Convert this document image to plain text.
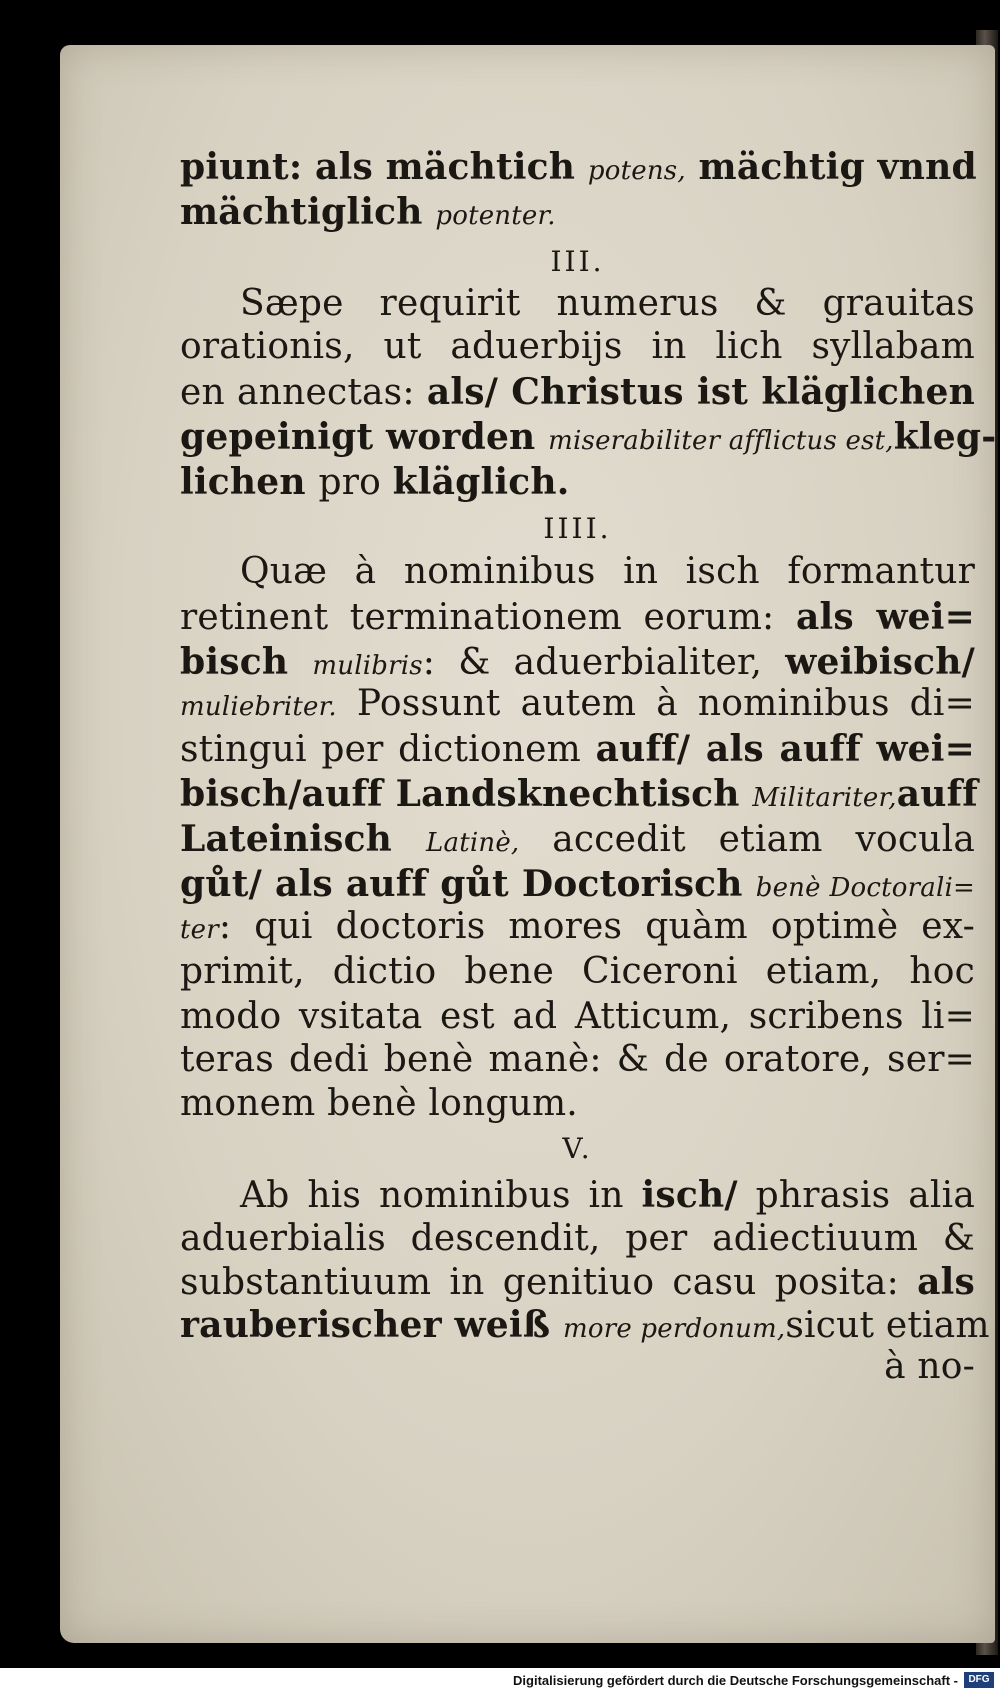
piunt: als mächtich potens, mächtig vnnd
mächtiglich potenter.
III.
Sæpe requirit numerus & grauitas
orationis, ut aduerbijs in lich syllabam
en annectas: als/ Christus ist kläglichen
gepeinigt worden miserabiliter afflictus est,kleg-
lichen pro kläglich.
IIII.
Quæ à nominibus in isch formantur
retinent terminationem eorum: als wei=
bisch mulibris: & aduerbialiter, weibisch/
muliebriter. Possunt autem à nominibus di=
stingui per dictionem auff/ als auff wei=
bisch/auff Landsknechtisch Militariter,auff
Lateinisch Latinè, accedit etiam vocula
gůt/ als auff gůt Doctorisch benè Doctorali=
ter: qui doctoris mores quàm optimè ex-
primit, dictio bene Ciceroni etiam, hoc
modo vsitata est ad Atticum, scribens li=
teras dedi benè manè: & de oratore, ser=
monem benè longum.
V.
Ab his nominibus in isch/ phrasis alia
aduerbialis descendit, per adiectiuum &
substantiuum in genitiuo casu posita: als
rauberischer weiß more perdonum,sicut etiam
à no-
Digitalisierung gefördert durch die Deutsche Forschungsgemeinschaft -	DFG
